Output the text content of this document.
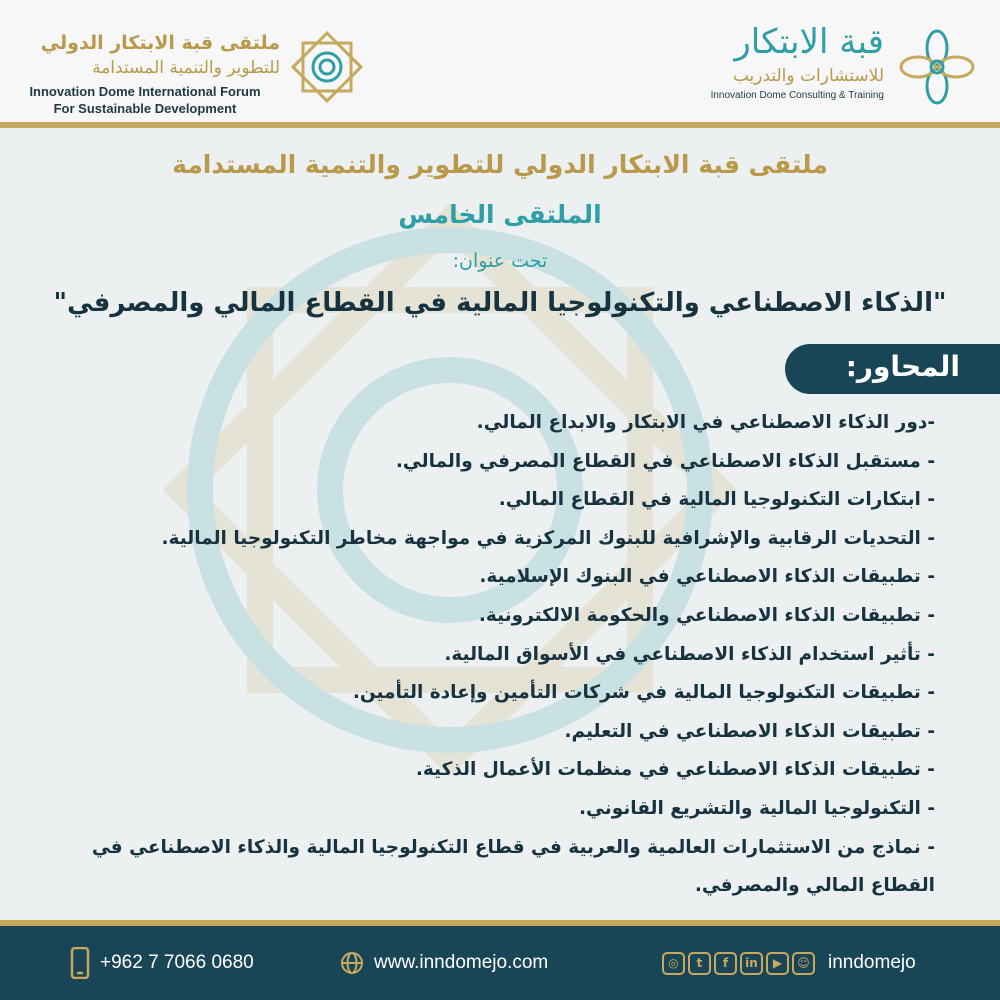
ملتقى قبة الابتكار الدولي
للتطوير والتنمية المستدامة
Innovation Dome International Forum
For Sustainable Development
قبة الابتكار
للاستشارات والتدريب
Innovation Dome Consulting & Training
ملتقى قبة الابتكار الدولي للتطوير والتنمية المستدامة
الملتقى الخامس
تحت عنوان:
"الذكاء الاصطناعي والتكنولوجيا المالية في القطاع المالي والمصرفي"
المحاور:
-دور الذكاء الاصطناعي في الابتكار والابداع المالي.
- مستقبل الذكاء الاصطناعي في القطاع المصرفي والمالي.
- ابتكارات التكنولوجيا المالية في القطاع المالي.
- التحديات الرقابية والإشرافية للبنوك المركزية في مواجهة مخاطر التكنولوجيا المالية.
- تطبيقات الذكاء الاصطناعي في البنوك الإسلامية.
- تطبيقات الذكاء الاصطناعي والحكومة الالكترونية.
- تأثير استخدام الذكاء الاصطناعي في الأسواق المالية.
- تطبيقات التكنولوجيا المالية في شركات التأمين وإعادة التأمين.
- تطبيقات الذكاء الاصطناعي في التعليم.
- تطبيقات الذكاء الاصطناعي في منظمات الأعمال الذكية.
- التكنولوجيا المالية والتشريع القانوني.
- نماذج من الاستثمارات العالمية والعربية في قطاع التكنولوجيا المالية والذكاء الاصطناعي في القطاع المالي والمصرفي.
+962 7 7066 0680	www.inndomejo.com	◎	t	f	in	▶	☺ inndomejo
